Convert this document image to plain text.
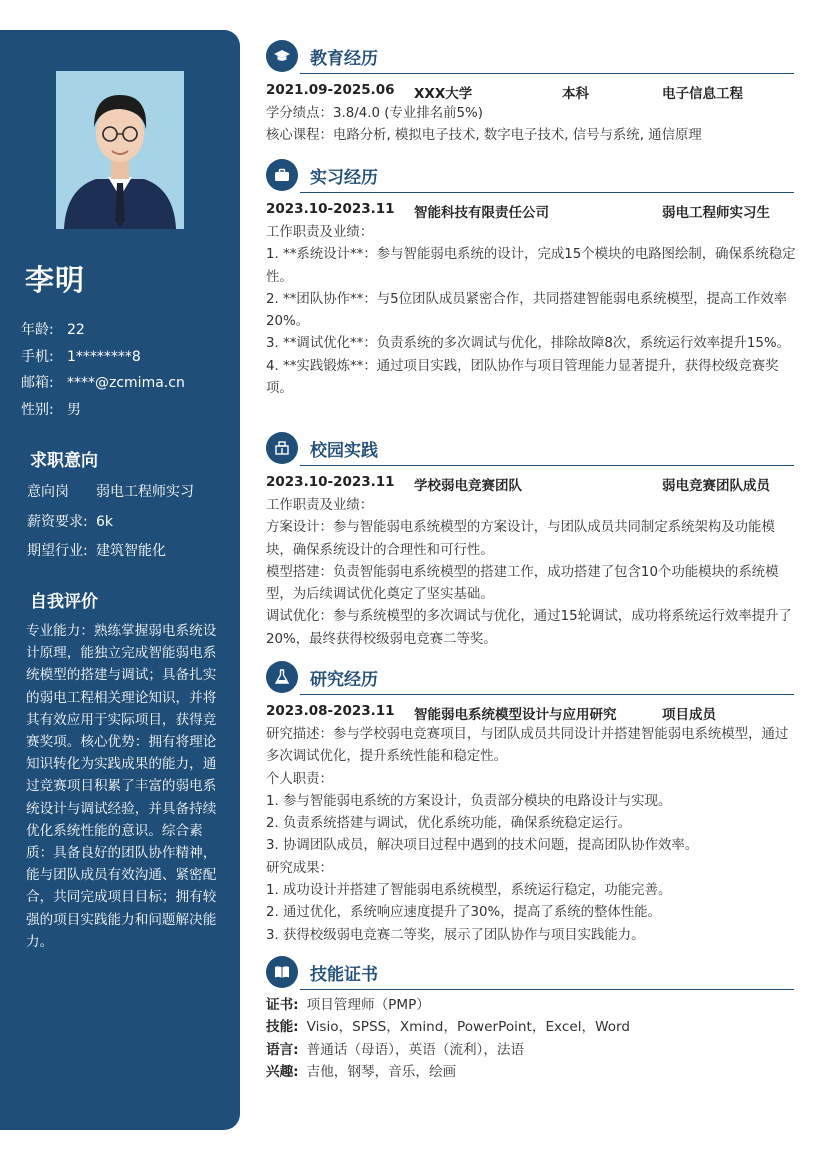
李明
年龄: 22
手机: 1********8
邮箱: ****@zcmima.cn
性别: 男
求职意向
意向岗	弱电工程师实习
薪资要求: 6k
期望行业: 建筑智能化
自我评价
专业能力：熟练掌握弱电系统设计原理，能独立完成智能弱电系统模型的搭建与调试；具备扎实的弱电工程相关理论知识，并将其有效应用于实际项目，获得竞赛奖项。核心优势：拥有将理论知识转化为实践成果的能力，通过竞赛项目积累了丰富的弱电系统设计与调试经验，并具备持续优化系统性能的意识。综合素质：具备良好的团队协作精神，能与团队成员有效沟通、紧密配合，共同完成项目目标；拥有较强的项目实践能力和问题解决能力。
教育经历
2021.09-2025.06 XXX大学	本科	电子信息工程

学分绩点：3.8/4.0 (专业排名前5%)

核心课程：电路分析, 模拟电子技术, 数字电子技术, 信号与系统, 通信原理

实习经历
2023.10-2023.11 智能科技有限责任公司	弱电工程师实习生

工作职责及业绩：

1. **系统设计**：参与智能弱电系统的设计，完成15个模块的电路图绘制，确保系统稳定性。

2. **团队协作**：与5位团队成员紧密合作，共同搭建智能弱电系统模型，提高工作效率20%。

3. **调试优化**：负责系统的多次调试与优化，排除故障8次，系统运行效率提升15%。

4. **实践锻炼**：通过项目实践，团队协作与项目管理能力显著提升，获得校级竞赛奖项。

校园实践
2023.10-2023.11 学校弱电竞赛团队	弱电竞赛团队成员

工作职责及业绩：

方案设计：参与智能弱电系统模型的方案设计，与团队成员共同制定系统架构及功能模块，确保系统设计的合理性和可行性。

模型搭建：负责智能弱电系统模型的搭建工作，成功搭建了包含10个功能模块的系统模型，为后续调试优化奠定了坚实基础。

调试优化：参与系统模型的多次调试与优化，通过15轮调试，成功将系统运行效率提升了20%，最终获得校级弱电竞赛二等奖。

研究经历
2023.08-2023.11 智能弱电系统模型设计与应用研究	项目成员

研究描述：参与学校弱电竞赛项目，与团队成员共同设计并搭建智能弱电系统模型，通过多次调试优化，提升系统性能和稳定性。

个人职责：

1. 参与智能弱电系统的方案设计，负责部分模块的电路设计与实现。

2. 负责系统搭建与调试，优化系统功能，确保系统稳定运行。

3. 协调团队成员，解决项目过程中遇到的技术问题，提高团队协作效率。

研究成果：

1. 成功设计并搭建了智能弱电系统模型，系统运行稳定，功能完善。

2. 通过优化，系统响应速度提升了30%，提高了系统的整体性能。

3. 获得校级弱电竞赛二等奖，展示了团队协作与项目实践能力。

技能证书
证书: 项目管理师（PMP）
技能: Visio，SPSS，Xmind，PowerPoint，Excel，Word
语言: 普通话（母语），英语（流利），法语
兴趣: 吉他，钢琴，音乐，绘画
